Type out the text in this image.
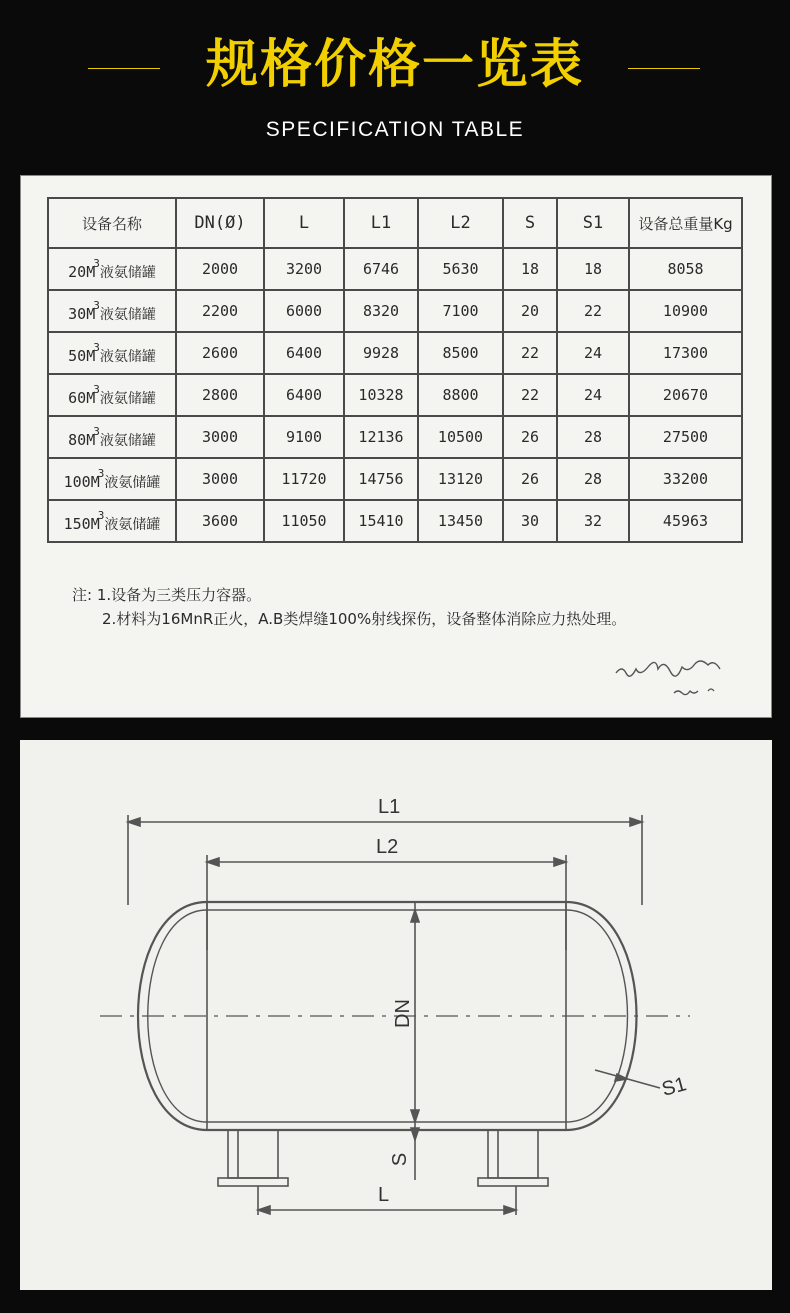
规格价格一览表
SPECIFICATION TABLE
设备名称	DN(Ø)	L	L1	L2	S	S1	设备总重量Kg
$20M^3$液氨储罐	2000	3200	6746	5630	18	18	8058
$30M^3$液氨储罐	2200	6000	8320	7100	20	22	10900
$50M^3$液氨储罐	2600	6400	9928	8500	22	24	17300
$60M^3$液氨储罐	2800	6400	10328	8800	22	24	20670
$80M^3$液氨储罐	3000	9100	12136	10500	26	28	27500
$100M^3$液氨储罐	3000	11720	14756	13120	26	28	33200
$150M^3$液氨储罐	3600	11050	15410	13450	30	32	45963
注: 1.设备为三类压力容器。
2.材料为16MnR正火，A.B类焊缝100%射线探伤，设备整体消除应力热处理。
L1
L2
DN
S
S1
L
